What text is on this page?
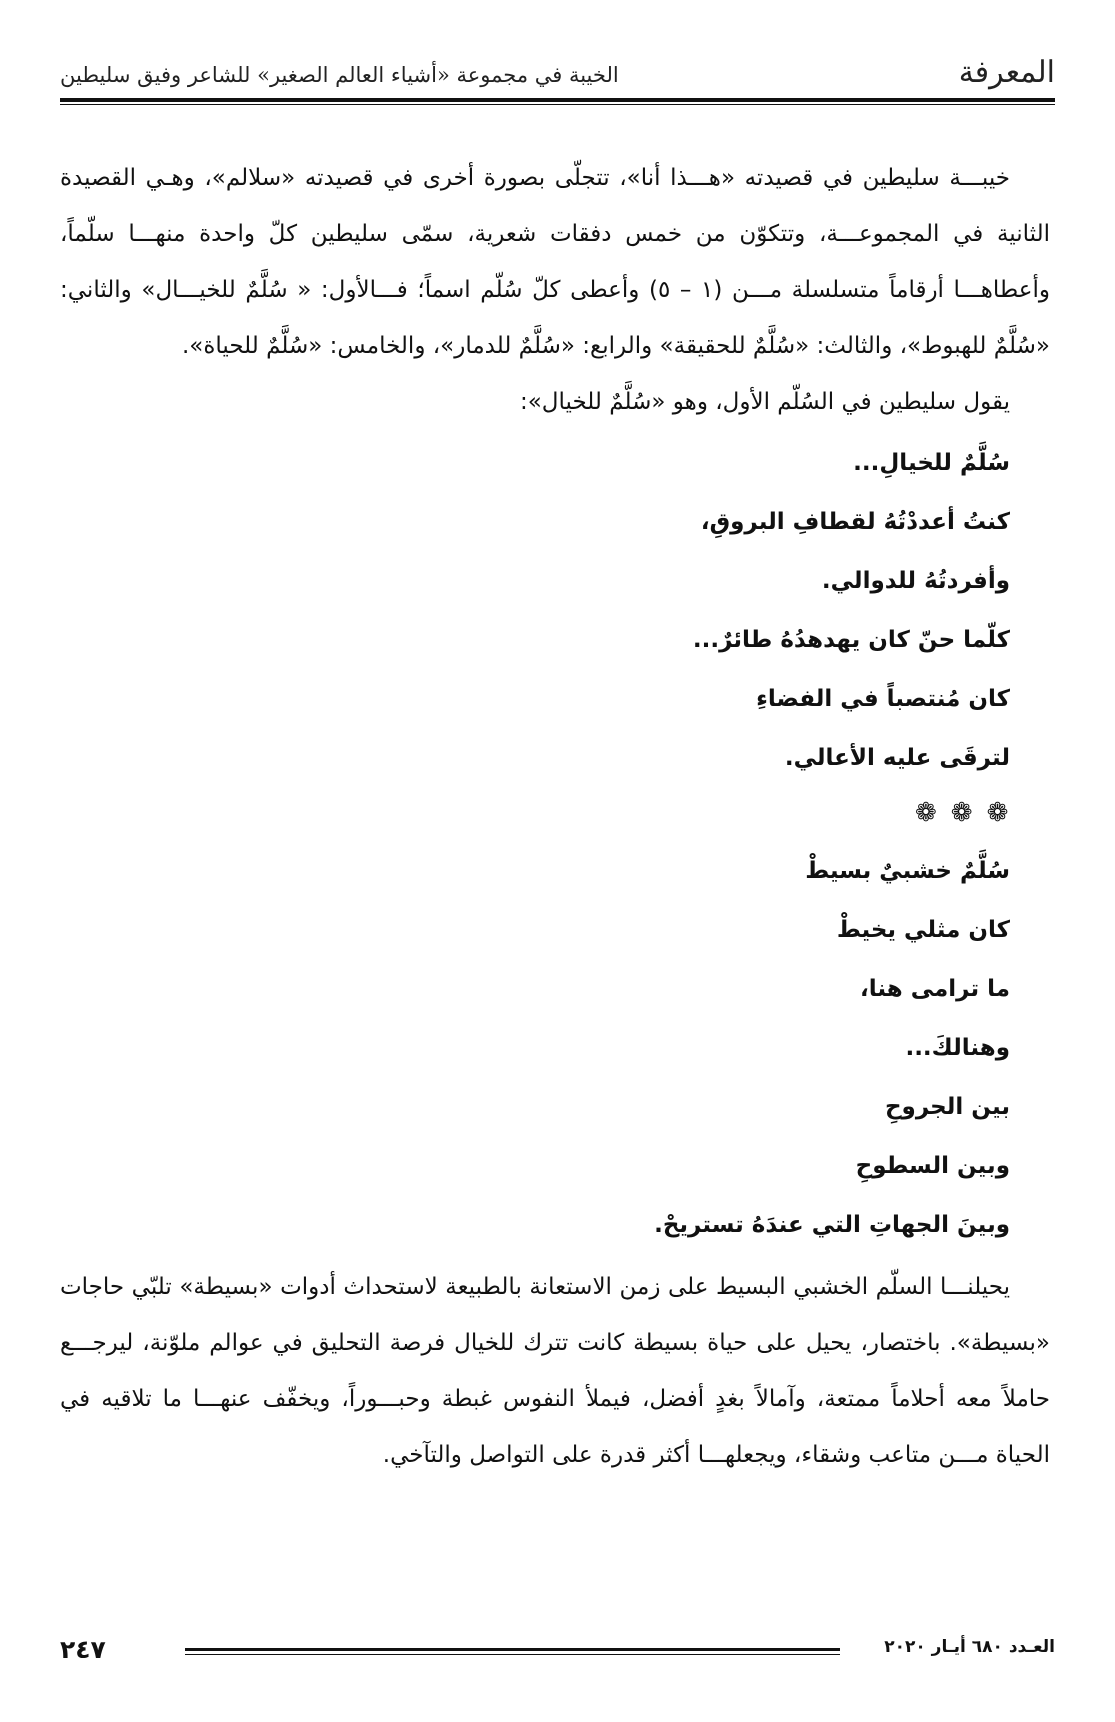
المعرفة
الخيبة في مجموعة «أشياء العالم الصغير» للشاعر وفيق سليطين

خيبـــة سليطين في قصيدته «هـــذا أنا»، تتجلّى بصورة أخرى في قصيدته «سلالم»، وهـي القصيدة الثانية في المجموعـــة، وتتكوّن من خمس دفقات شعرية، سمّى سليطين كلّ واحدة منهـــا سلّماً، وأعطاهـــا أرقاماً متسلسلة مـــن (١ – ٥) وأعطى كلّ سُلّم اسماً؛ فـــالأول: « سُلَّمٌ للخيـــال» والثاني: «سُلَّمٌ للهبوط»، والثالث: «سُلَّمٌ للحقيقة» والرابع: «سُلَّمٌ للدمار»، والخامس: «سُلَّمٌ للحياة».

يقول سليطين في السُلّم الأول، وهو «سُلَّمٌ للخيال»:

سُلَّمٌ للخيالِ...
كنتُ أعددْتُهُ لقطافِ البروقِ،
وأفردتُهُ للدوالي.
كلّما حنّ كان يهدهدُهُ طائرٌ...
كان مُنتصباً في الفضاءِ
لترقَى عليه الأعالي.
❁❁❁
سُلَّمٌ خشبيٌ بسيطْ
كان مثلي يخيطْ
ما ترامى هنا،
وهنالكَ...
بين الجروحِ
وبين السطوحِ
وبينَ الجهاتِ التي عندَهُ تستريحْ.

يحيلنـــا السلّم الخشبي البسيط على زمن الاستعانة بالطبيعة لاستحداث أدوات «بسيطة» تلبّي حاجات «بسيطة». باختصار، يحيل على حياة بسيطة كانت تترك للخيال فرصة التحليق في عوالم ملوّنة، ليرجـــع حاملاً معه أحلاماً ممتعة، وآمالاً بغدٍ أفضل، فيملأ النفوس غبطة وحبـــوراً، ويخفّف عنهـــا ما تلاقيه في الحياة مـــن متاعب وشقاء، ويجعلهـــا أكثر قدرة على التواصل والتآخي.

٢٤٧	العـدد ٦٨٠ أيـار ٢٠٢٠
